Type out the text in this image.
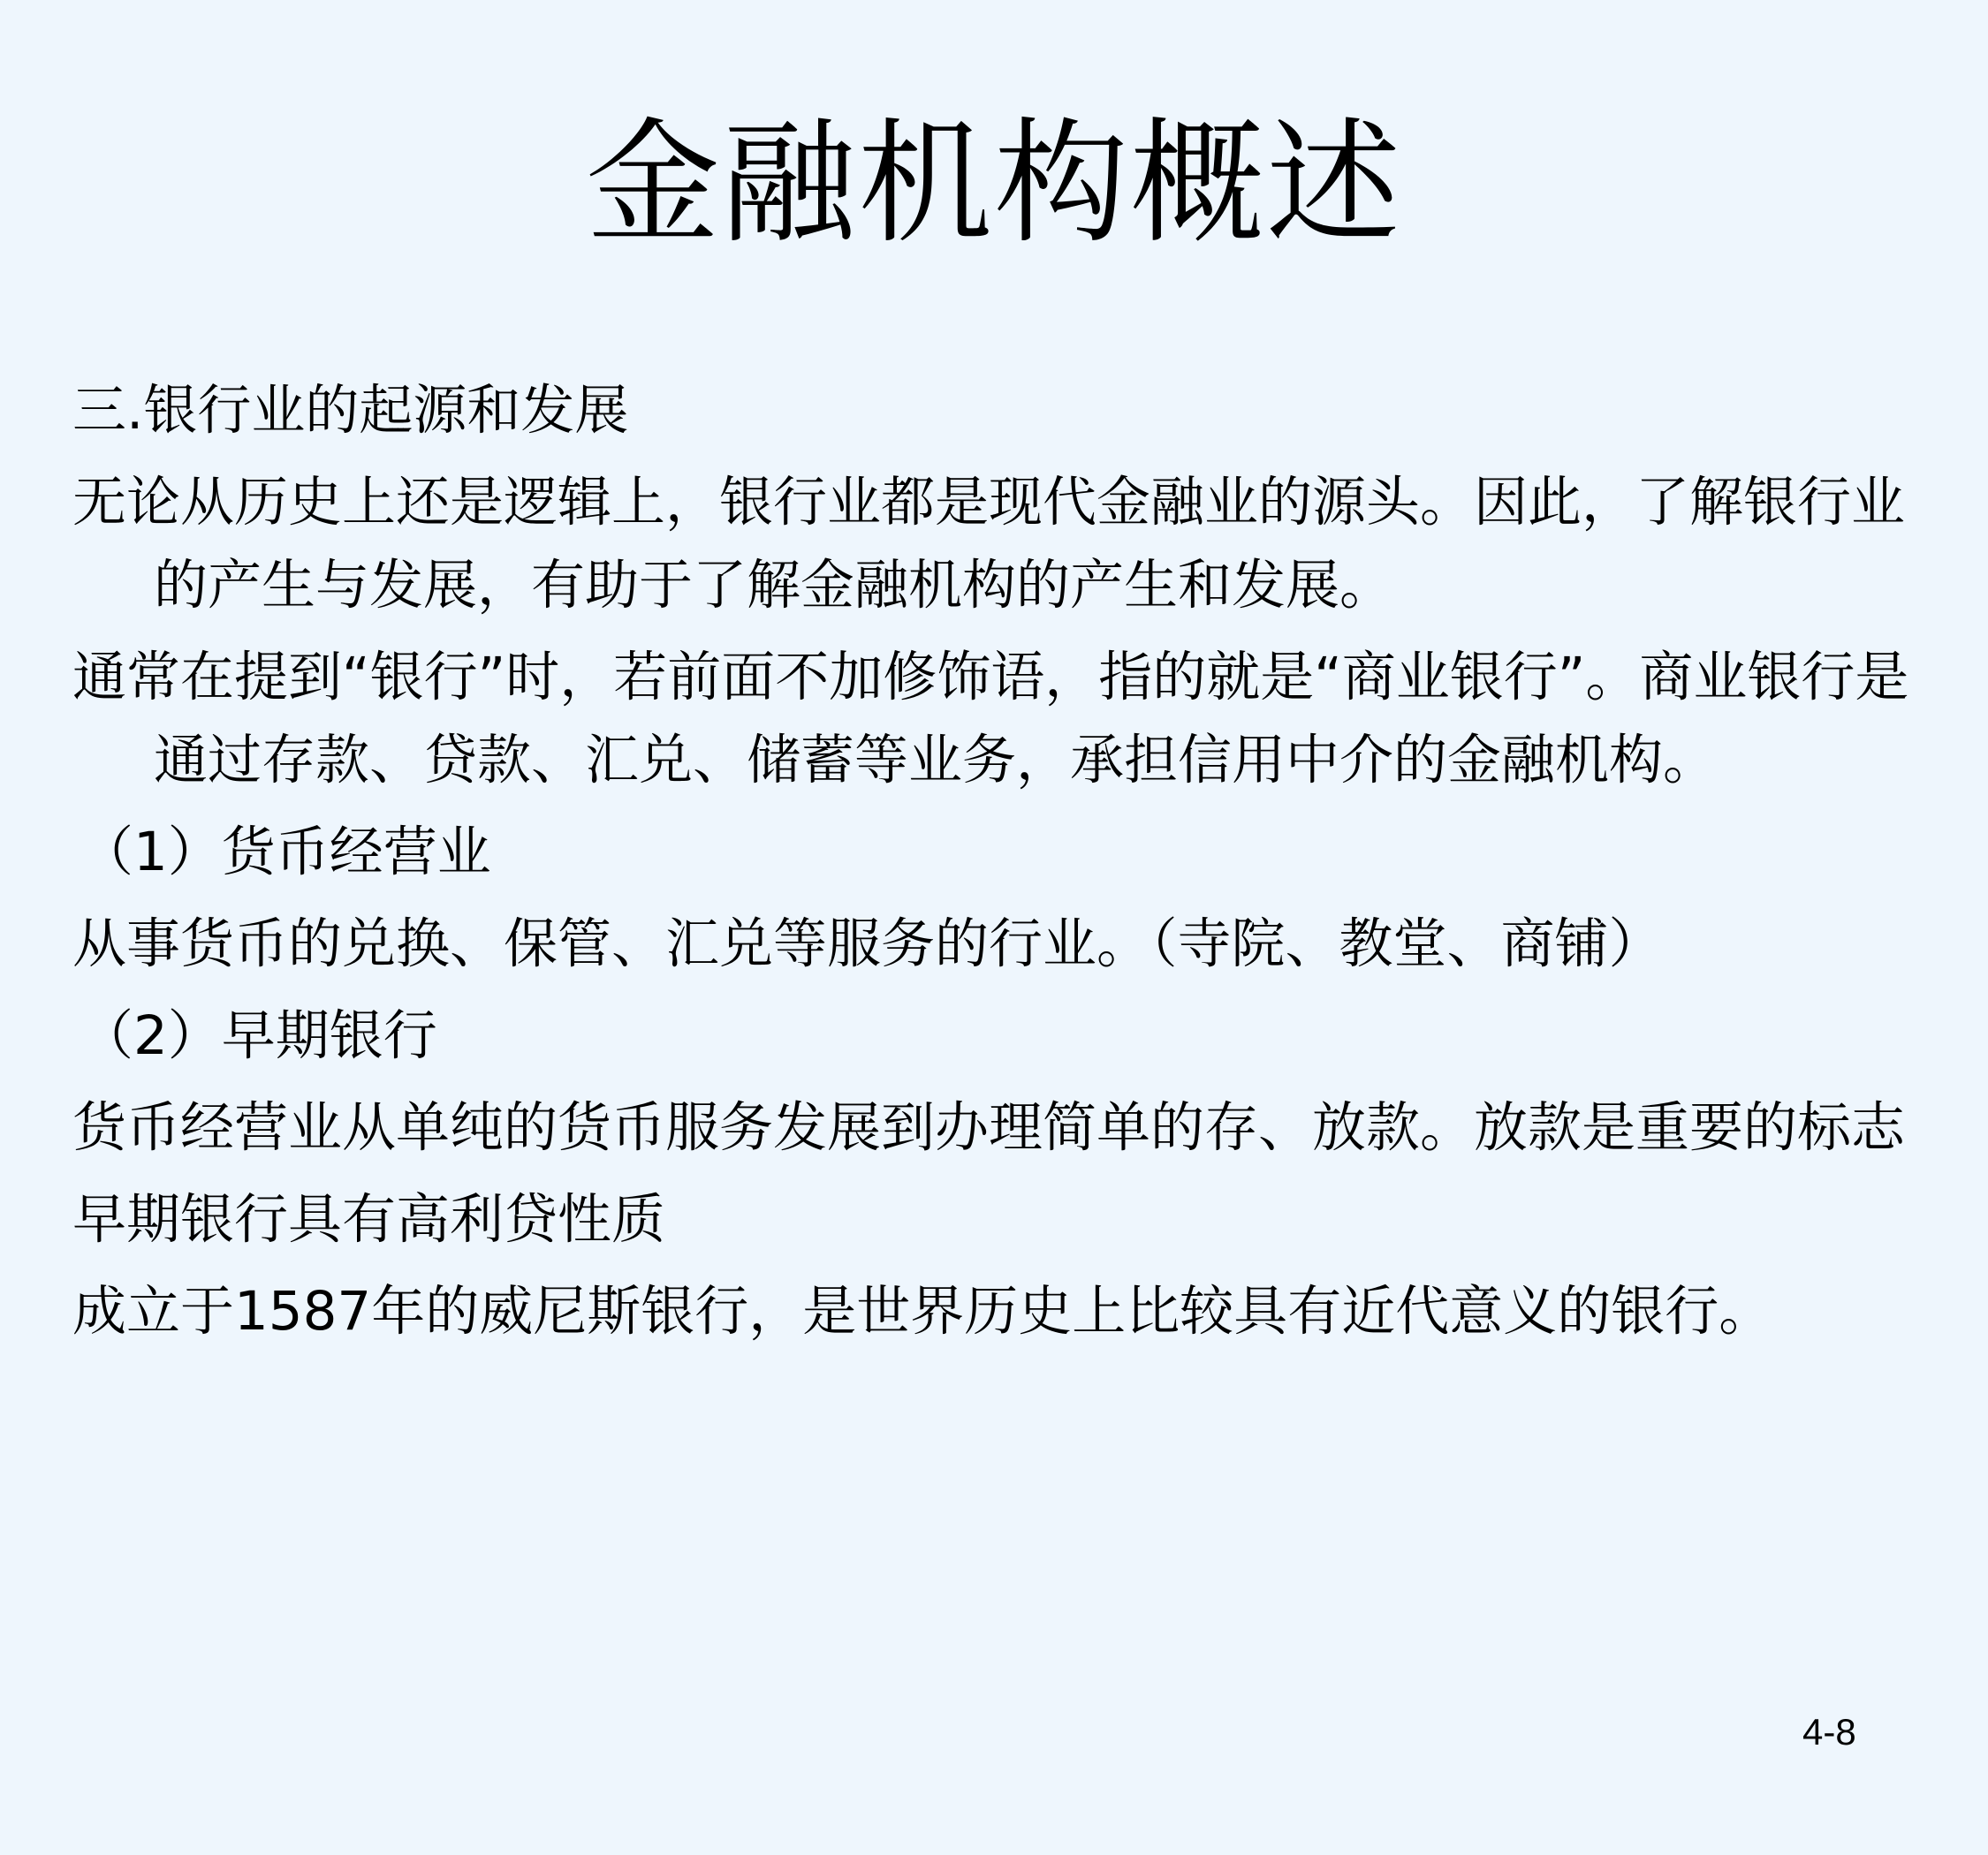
金融机构概述

三.银行业的起源和发展

无论从历史上还是逻辑上，银行业都是现代金融业的源头。因此，了解银行业的产生与发展，有助于了解金融机构的产生和发展。

通常在提到“银行”时，若前面不加修饰语，指的就是“商业银行”。商业银行是通过存款、贷款、汇兑、储蓄等业务，承担信用中介的金融机构。

（1）货币经营业

从事货币的兑换、保管、汇兑等服务的行业。（寺院、教堂、商铺）

（2）早期银行

货币经营业从单纯的货币服务发展到办理简单的存、放款。放款是重要的标志

早期银行具有高利贷性质

成立于1587年的威尼斯银行，是世界历史上比较具有近代意义的银行。

4-8
